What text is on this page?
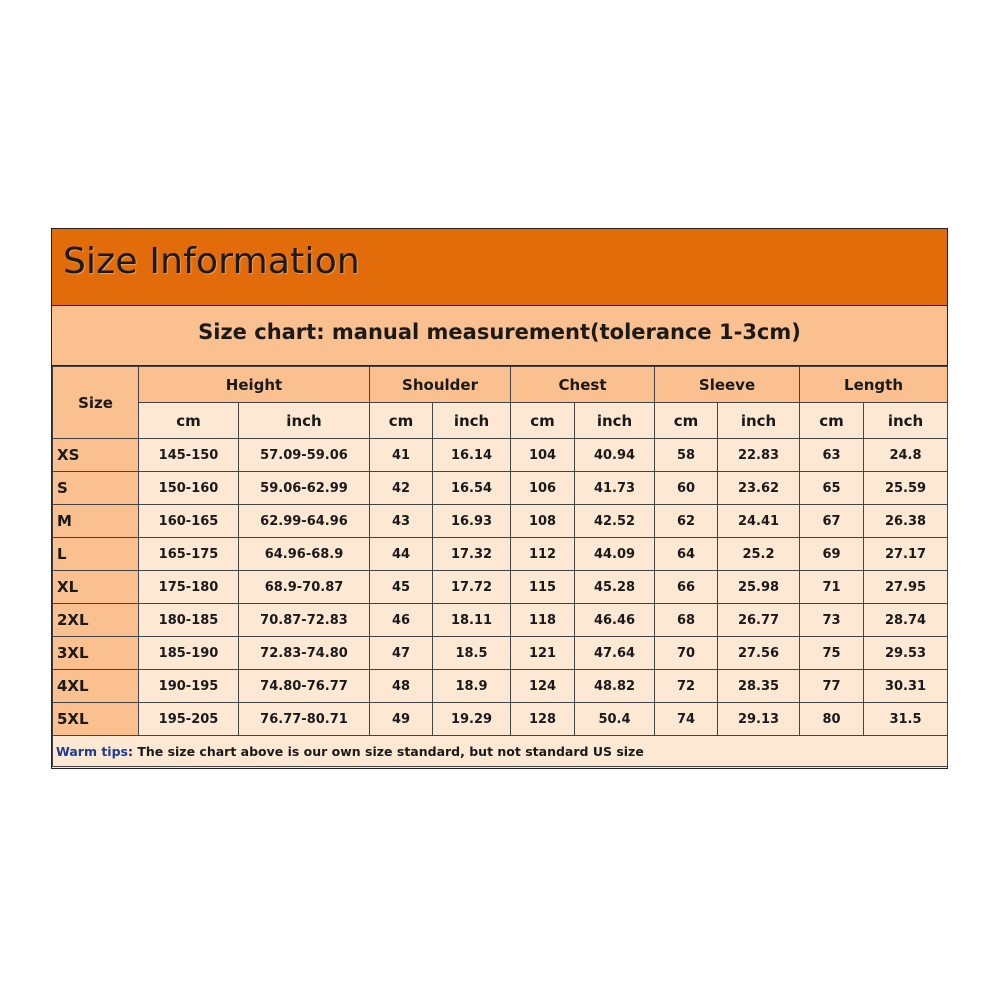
Size Information
Size chart: manual measurement(tolerance 1-3cm)
Size	Height		Shoulder		Chest		Sleeve		Length	
	cm	inch	cm	inch	cm	inch	cm	inch	cm	inch
XS	145-150	57.09-59.06	41	16.14	104	40.94	58	22.83	63	24.8
S	150-160	59.06-62.99	42	16.54	106	41.73	60	23.62	65	25.59
M	160-165	62.99-64.96	43	16.93	108	42.52	62	24.41	67	26.38
L	165-175	64.96-68.9	44	17.32	112	44.09	64	25.2	69	27.17
XL	175-180	68.9-70.87	45	17.72	115	45.28	66	25.98	71	27.95
2XL	180-185	70.87-72.83	46	18.11	118	46.46	68	26.77	73	28.74
3XL	185-190	72.83-74.80	47	18.5	121	47.64	70	27.56	75	29.53
4XL	190-195	74.80-76.77	48	18.9	124	48.82	72	28.35	77	30.31
5XL	195-205	76.77-80.71	49	19.29	128	50.4	74	29.13	80	31.5
Warm tips: The size chart above is our own size standard, but not standard US size										
